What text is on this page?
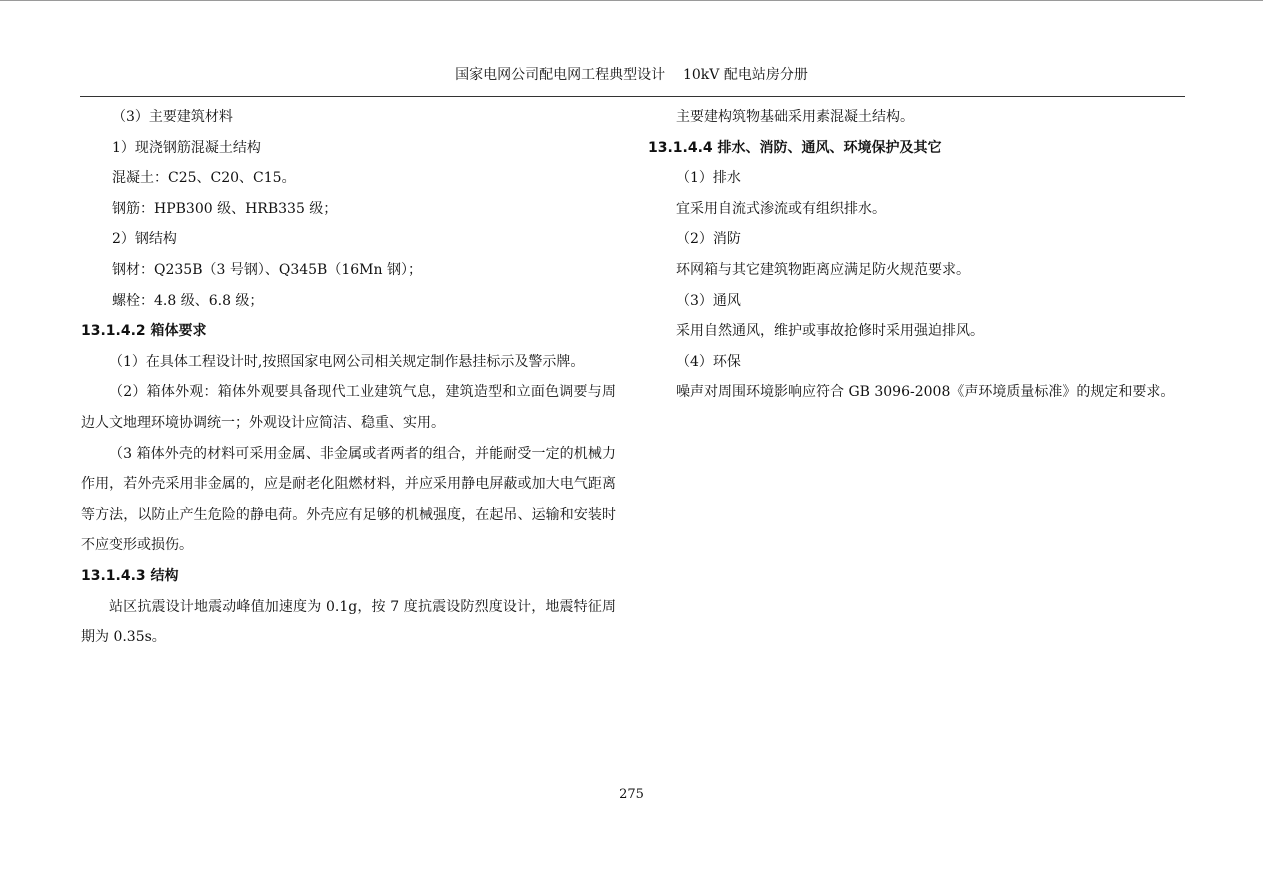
国家电网公司配电网工程典型设计    10kV 配电站房分册

（3）主要建筑材料

1）现浇钢筋混凝土结构

混凝土：C25、C20、C15。

钢筋：HPB300 级、HRB335 级；

2）钢结构

钢材：Q235B（3 号钢）、Q345B（16Mn 钢）；

螺栓：4.8 级、6.8 级；

13.1.4.2 箱体要求

（1）在具体工程设计时,按照国家电网公司相关规定制作悬挂标示及警示牌。

（2）箱体外观：箱体外观要具备现代工业建筑气息，建筑造型和立面色调要与周边人文地理环境协调统一；外观设计应简洁、稳重、实用。

（3 箱体外壳的材料可采用金属、非金属或者两者的组合，并能耐受一定的机械力作用，若外壳采用非金属的，应是耐老化阻燃材料，并应采用静电屏蔽或加大电气距离等方法，以防止产生危险的静电荷。外壳应有足够的机械强度，在起吊、运输和安装时不应变形或损伤。

13.1.4.3 结构

站区抗震设计地震动峰值加速度为 0.1g，按 7 度抗震设防烈度设计，地震特征周期为 0.35s。

主要建构筑物基础采用素混凝土结构。

13.1.4.4 排水、消防、通风、环境保护及其它

（1）排水

宜采用自流式渗流或有组织排水。

（2）消防

环网箱与其它建筑物距离应满足防火规范要求。

（3）通风

采用自然通风，维护或事故抢修时采用强迫排风。

（4）环保

噪声对周围环境影响应符合 GB 3096-2008《声环境质量标准》的规定和要求。

275
